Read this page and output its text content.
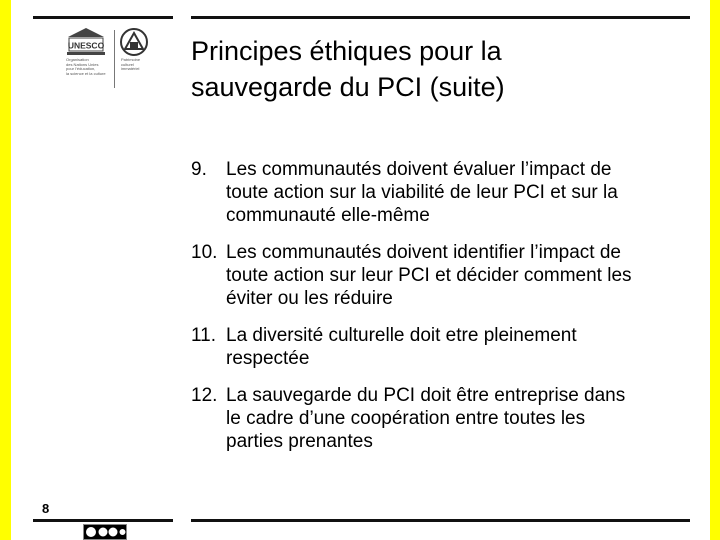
UNESCO
Organisation
des Nations Unies
pour l’éducation,
la science et la culture
Patrimoine
culturel
immatériel
Principes éthiques pour la
sauvegarde du PCI (suite)
9. Les communautés doivent évaluer l’impact de
toute action sur la viabilité de leur PCI et sur la
communauté elle-même
10. Les communautés doivent identifier l’impact de
toute action sur leur PCI et décider comment les
éviter ou les réduire
11. La diversité culturelle doit etre pleinement
respectée
12. La sauvegarde du PCI doit être entreprise dans
le cadre d’une coopération entre toutes les
parties prenantes
8
